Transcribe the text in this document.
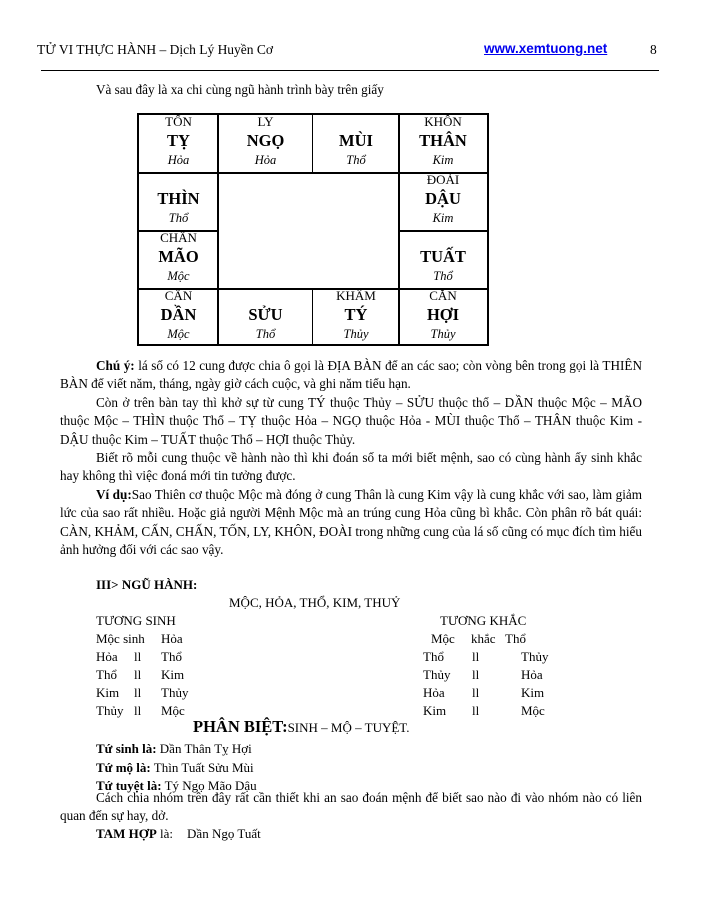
TỬ VI THỰC HÀNH – Dịch Lý Huyền Cơ	www.xemtuong.net	8
Và sau đây là xa chi cùng ngũ hành trình bày trên giấy
TỐN
TỴ
Hỏa
LY
NGỌ
Hỏa
MÙI
Thổ
KHÔN
THÂN
Kim
THÌN
Thổ
ĐOÀI
DẬU
Kim
CHẤN
MÃO
Mộc
TUẤT
Thổ
CẤN
DẦN
Mộc
SỬU
Thổ
KHÂM
TÝ
Thủy
CĂN
HỢI
Thủy

Chú ý: lá số có 12 cung được chia ô gọi là ĐỊA BÀN để an các sao; còn vòng bên trong gọi là THIÊN BÀN để viết năm, tháng, ngày giờ cách cuộc, và ghi năm tiểu hạn.

Còn ở trên bàn tay thì khở sự từ cung TÝ thuộc Thủy – SỬU thuộc thổ – DẦN thuộc Mộc – MÃO thuộc Mộc – THÌN thuộc Thổ – TỴ thuộc Hỏa – NGỌ thuộc Hỏa - MÙI thuộc Thổ – THÂN thuộc Kim - DẬU thuộc Kim – TUẤT thuộc Thổ – HỢI thuộc Thủy.

Biết rõ mỗi cung thuộc về hành nào thì khi đoán số ta mới biết mệnh, sao có cùng hành ấy sinh khắc hay không thì việc đoná mới tin tưởng được.

Ví dụ:Sao Thiên cơ thuộc Mộc mà đóng ở cung Thân là cung Kim vậy là cung khắc với sao, làm giảm lức của sao rất nhiều. Hoặc giả người Mệnh Mộc mà an trúng cung Hỏa cũng bì khắc. Còn phân rõ bát quái: CÀN, KHẢM, CẤN, CHẤN, TỐN, LY, KHÔN, ĐOÀI trong những cung của lá số cũng có mục đích tìm hiểu ảnh hưởng đối với các sao vậy.

III> NGŨ HÀNH:
MỘC, HỎA, THỔ, KIM, THUỶ
TƯƠNG SINH
Mộc sinh Hỏa
Hỏa ll Thổ
Thổ ll Kim
Kim ll Thủy
Thủy ll Mộc
TƯƠNG KHẮC
Mộc khắc Thổ
Thổ ll	Thủy
Thủy ll	Hỏa
Hỏa ll	Kim
Kim ll	Mộc
PHÂN BIỆT:SINH – MỘ – TUYỆT.
Tứ sinh là: Dần Thân Tỵ Hợi
Tứ mộ là: Thìn Tuất Sửu Mùi
Tứ tuyệt là: Tý Ngọ Mão Dậu

Cách chia nhóm trên đây rất cần thiết khi an sao đoán mệnh để biết sao nào đi vào nhóm nào có liên quan đến sự hay, dở.

TAM HỢP là: Dần Ngọ Tuất
